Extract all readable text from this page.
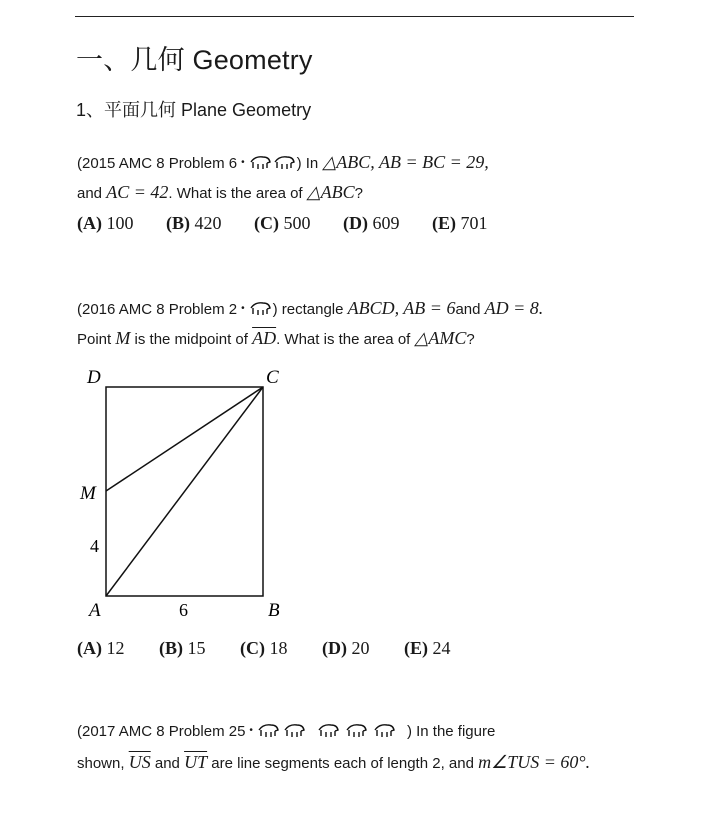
一、几何 Geometry
1、平面几何 Plane Geometry
(2015 AMC 8 Problem 6 •	) In △ABC, AB = BC = 29,
and AC = 42. What is the area of △ABC?
(A) 100 (B) 420 (C) 500 (D) 609 (E) 701
(2016 AMC 8 Problem 2 • ) rectangle ABCD, AB = 6and AD = 8.
Point M is the midpoint of $\overline{AD}$. What is the area of △AMC?
D	C
M
4
A	6	B
(A) 12 (B) 15 (C) 18 (D) 20 (E) 24
(2017 AMC 8 Problem 25 •	) In the figure
shown, $\overline{US}$ and $\overline{UT}$ are line segments each of length 2, and m∠TUS = 60°.
